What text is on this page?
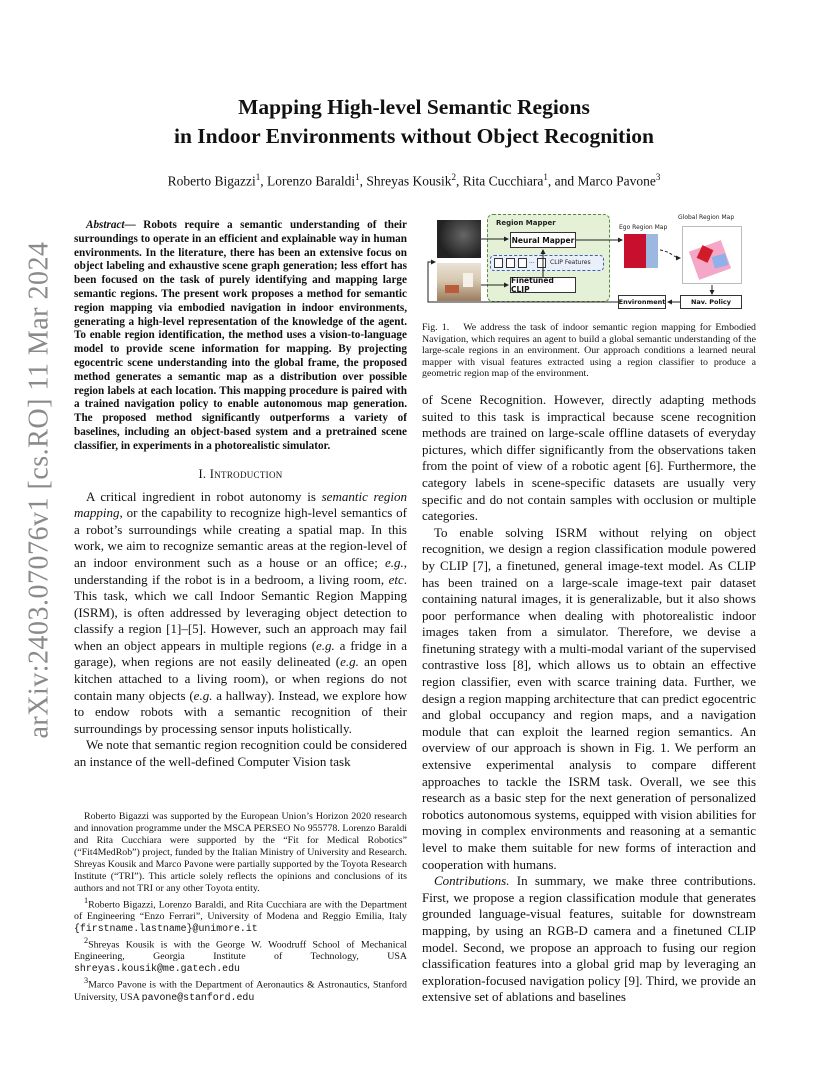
arXiv:2403.07076v1 [cs.RO] 11 Mar 2024
Mapping High-level Semantic Regions
in Indoor Environments without Object Recognition
Roberto Bigazzi$^1$, Lorenzo Baraldi$^1$, Shreyas Kousik$^2$, Rita Cucchiara$^1$, and Marco Pavone$^3$

Abstract— Robots require a semantic understanding of their surroundings to operate in an efficient and explainable way in human environments. In the literature, there has been an extensive focus on object labeling and exhaustive scene graph generation; less effort has been focused on the task of purely identifying and mapping large semantic regions. The present work proposes a method for semantic region mapping via embodied navigation in indoor environments, generating a high-level representation of the knowledge of the agent. To enable region identification, the method uses a vision-to-language model to provide scene information for mapping. By projecting egocentric scene understanding into the global frame, the proposed method generates a semantic map as a distribution over possible region labels at each location. This mapping procedure is paired with a trained navigation policy to enable autonomous map generation. The proposed method significantly outperforms a variety of baselines, including an object-based system and a pretrained scene classifier, in experiments in a photorealistic simulator.

I. Introduction

A critical ingredient in robot autonomy is semantic region mapping, or the capability to recognize high-level semantics of a robot’s surroundings while creating a spatial map. In this work, we aim to recognize semantic areas at the region-level of an indoor environment such as a house or an office; e.g., understanding if the robot is in a bedroom, a living room, etc. This task, which we call Indoor Semantic Region Mapping (ISRM), is often addressed by leveraging object detection to classify a region [1]–[5]. However, such an approach may fail when an object appears in multiple regions (e.g. a fridge in a garage), when regions are not easily delineated (e.g. an open kitchen attached to a living room), or when regions do not contain many objects (e.g. a hallway). Instead, we explore how to endow robots with a semantic recognition of their surroundings by processing sensor inputs holistically.

We note that semantic region recognition could be considered an instance of the well-defined Computer Vision task

Roberto Bigazzi was supported by the European Union’s Horizon 2020 research and innovation programme under the MSCA PERSEO No 955778. Lorenzo Baraldi and Rita Cucchiara were supported by the “Fit for Medical Robotics” (“Fit4MedRob”) project, funded by the Italian Ministry of University and Research. Shreyas Kousik and Marco Pavone were partially supported by the Toyota Research Institute (“TRI”). This article solely reflects the opinions and conclusions of its authors and not TRI or any other Toyota entity.

$^1$Roberto Bigazzi, Lorenzo Baraldi, and Rita Cucchiara are with the Department of Engineering “Enzo Ferrari”, University of Modena and Reggio Emilia, Italy {firstname.lastname}@unimore.it

$^2$Shreyas Kousik is with the George W. Woodruff School of Mechanical Engineering, Georgia Institute of Technology, USA shreyas.kousik@me.gatech.edu

$^3$Marco Pavone is with the Department of Aeronautics & Astronautics, Stanford University, USA pavone@stanford.edu

Region Mapper
Neural Mapper
...	CLIP Features
Finetuned CLIP
Ego Region Map
Global Region Map
Environment	Nav. Policy

Fig. 1. We address the task of indoor semantic region mapping for Embodied Navigation, which requires an agent to build a global semantic understanding of the large-scale regions in an environment. Our approach conditions a learned neural mapper with visual features extracted using a region classifier to produce a geometric region map of the environment.

of Scene Recognition. However, directly adapting methods suited to this task is impractical because scene recognition methods are trained on large-scale offline datasets of everyday pictures, which differ significantly from the observations taken from the point of view of a robotic agent [6]. Furthermore, the category labels in scene-specific datasets are usually very specific and do not contain samples with occlusion or multiple categories.

To enable solving ISRM without relying on object recognition, we design a region classification module powered by CLIP [7], a finetuned, general image-text model. As CLIP has been trained on a large-scale image-text pair dataset containing natural images, it is generalizable, but it also shows poor performance when dealing with photorealistic indoor images taken from a simulator. Therefore, we devise a finetuning strategy with a multi-modal variant of the supervised contrastive loss [8], which allows us to obtain an effective region classifier, even with scarce training data. Further, we design a region mapping architecture that can predict egocentric and global occupancy and region maps, and a navigation module that can exploit the learned region semantics. An overview of our approach is shown in Fig. 1. We perform an extensive experimental analysis to compare different approaches to tackle the ISRM task. Overall, we see this research as a basic step for the next generation of personalized robotics autonomous systems, equipped with vision abilities for moving in complex environments and reasoning at a semantic level to make them suitable for new forms of interaction and cooperation with humans.

Contributions. In summary, we make three contributions. First, we propose a region classification module that generates grounded language-visual features, suitable for downstream mapping, by using an RGB-D camera and a finetuned CLIP model. Second, we propose an approach to fusing our region classification features into a global grid map by leveraging an exploration-focused navigation policy [9]. Third, we provide an extensive set of ablations and baselines
